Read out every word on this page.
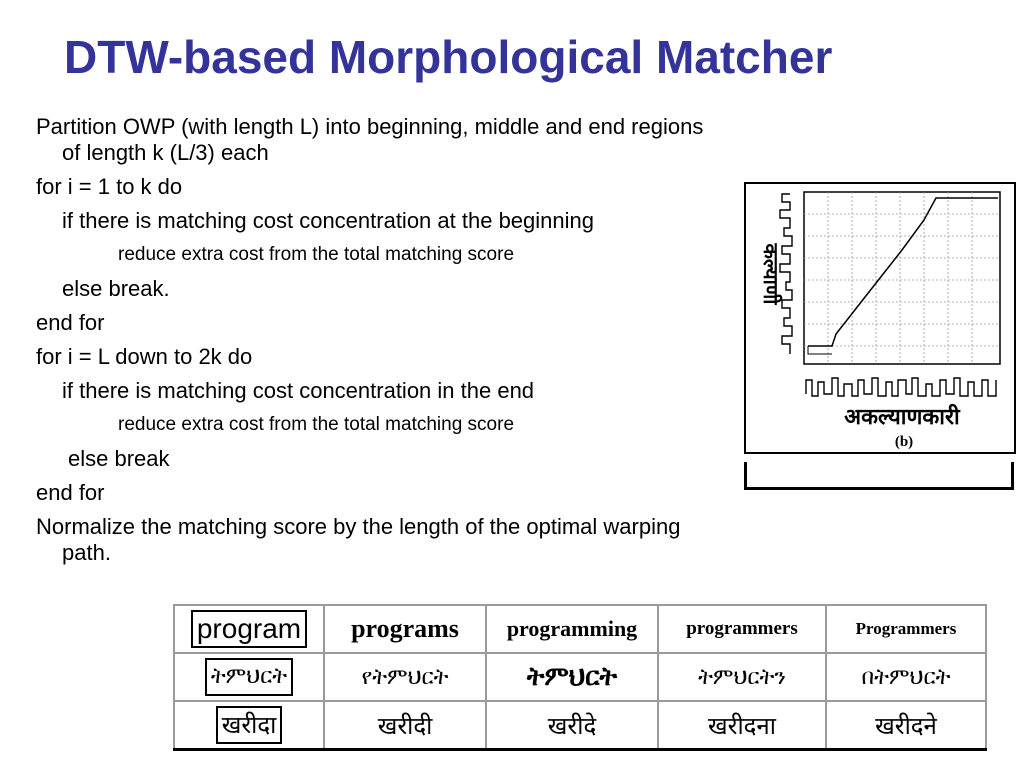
DTW-based Morphological Matcher
Partition OWP (with length L) into beginning, middle and end regions of length k (L/3) each
for i = 1 to k do
if there is matching cost concentration at the beginning
reduce extra cost from the total matching score
else break.
end for
for i = L down to 2k do
if there is matching cost concentration in the end
reduce extra cost from the total matching score
else break
end for
Normalize the matching score by the length of the optimal warping path.
कल्याणी
अकल्याणकारी
(b)
program	programs	programming	programmers	Programmers
ትምህርት	የትምህርት	ትምህርት	ትምህርትን	በትምህርት
खरीदा	खरीदी	खरीदे	खरीदना	खरीदने
